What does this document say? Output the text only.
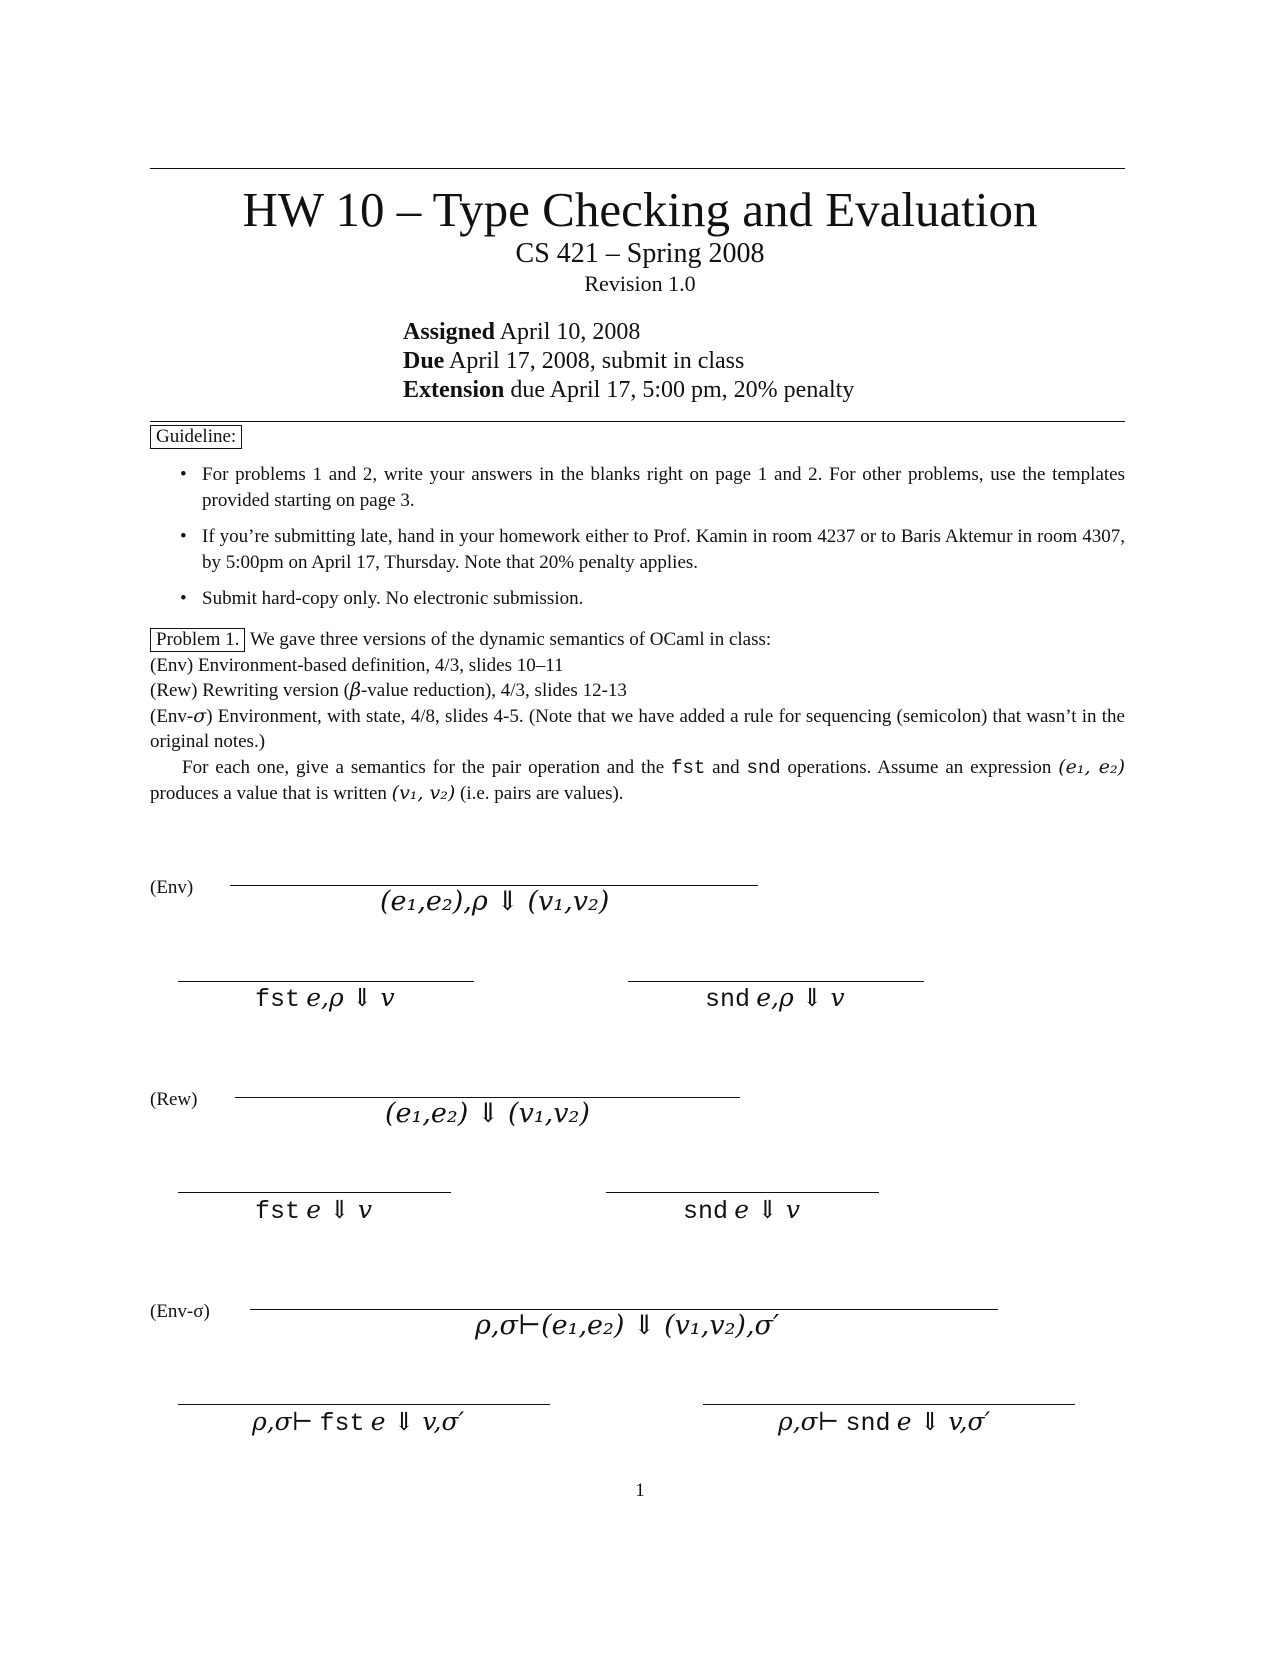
HW 10 – Type Checking and Evaluation
CS 421 – Spring 2008
Revision 1.0
Assigned April 10, 2008
Due April 17, 2008, submit in class
Extension due April 17, 5:00 pm, 20% penalty
Guideline:
• For problems 1 and 2, write your answers in the blanks right on page 1 and 2. For other problems, use the templates provided starting on page 3.
• If you’re submitting late, hand in your homework either to Prof. Kamin in room 4237 or to Baris Aktemur in room 4307, by 5:00pm on April 17, Thursday. Note that 20% penalty applies.
• Submit hard-copy only. No electronic submission.
Problem 1. We gave three versions of the dynamic semantics of OCaml in class:
(Env) Environment-based definition, 4/3, slides 10–11
(Rew) Rewriting version (β-value reduction), 4/3, slides 12-13
(Env-σ) Environment, with state, 4/8, slides 4-5. (Note that we have added a rule for sequencing (semicolon) that wasn’t in the original notes.)
For each one, give a semantics for the pair operation and the fst and snd operations. Assume an expression (e₁, e₂) produces a value that is written (v₁, v₂) (i.e. pairs are values).
(Env)	(e₁,e₂),ρ ⇓ (v₁,v₂)
fst e,ρ ⇓ v	snd e,ρ ⇓ v
(Rew)	(e₁,e₂) ⇓ (v₁,v₂)
fst e ⇓ v	snd e ⇓ v
(Env-σ)	ρ,σ⊢(e₁,e₂) ⇓ (v₁,v₂),σ′
ρ,σ⊢ fst e ⇓ v,σ′	ρ,σ⊢ snd e ⇓ v,σ′
1
